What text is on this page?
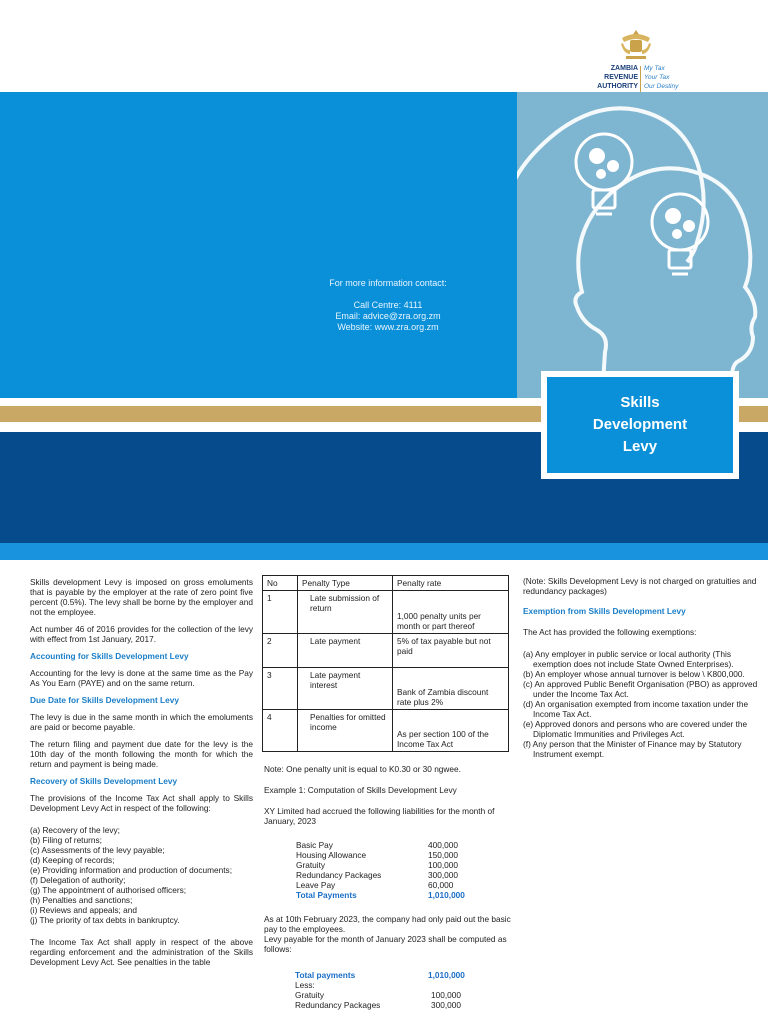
ZAMBIA
REVENUE
AUTHORITY
My Tax
Your Tax
Our Destiny
For more information contact:
Call Centre: 4111
Email: advice@zra.org.zm
Website: www.zra.org.zm
Skills
Development
Levy

Skills development Levy is imposed on gross emoluments that is payable by the employer at the rate of zero point five percent (0.5%). The levy shall be borne by the employer and not the employee.

Act number 46 of 2016 provides for the collection of the levy with effect from 1st January, 2017.

Accounting for Skills Development Levy

Accounting for the levy is done at the same time as the Pay As You Earn (PAYE) and on the same return.

Due Date for Skills Development Levy

The levy is due in the same month in which the emoluments are paid or become payable.

The return filing and payment due date for the levy is the 10th day of the month following the month for which the return and payment is being made.

Recovery of Skills Development Levy

The provisions of the Income Tax Act shall apply to Skills Development Levy Act in respect of the following:

(a) Recovery of the levy;
(b) Filing of returns;
(c) Assessments of the levy payable;
(d) Keeping of records;
(e) Providing information and production of documents;
(f) Delegation of authority;
(g) The appointment of authorised officers;
(h) Penalties and sanctions;
(i) Reviews and appeals; and
(j) The priority of tax debts in bankruptcy.

The Income Tax Act shall apply in respect of the above regarding enforcement and the administration of the Skills Development Levy Act. See penalties in the table

No	Penalty Type	Penalty rate
1	Late submission of return	1,000 penalty units per month or part thereof
2	Late payment	5% of tax payable but not paid
3	Late payment interest	Bank of Zambia discount rate plus 2%
4	Penalties for omitted income	As per section 100 of the Income Tax Act

Note: One penalty unit is equal to K0.30 or 30 ngwee.

Example 1: Computation of Skills Development Levy

XY Limited had accrued the following liabilities for the month of January, 2023

Basic Pay	400,000
Housing Allowance	150,000
Gratuity	100,000
Redundancy Packages	300,000
Leave Pay	60,000
Total Payments	1,010,000
As at 10th February 2023, the company had only paid out the basic pay to the employees.
Levy payable for the month of January 2023 shall be computed as follows:
Total payments	1,010,000
Less:
Gratuity	100,000
Redundancy Packages	300,000

(Note: Skills Development Levy is not charged on gratuities and redundancy packages)

Exemption from Skills Development Levy

The Act has provided the following exemptions:

(a) Any employer in public service or local authority (This exemption does not include State Owned Enterprises).
(b) An employer whose annual turnover is below \ K800,000.
(c) An approved Public Benefit Organisation (PBO) as approved under the Income Tax Act.
(d) An organisation exempted from income taxation under the Income Tax Act.
(e) Approved donors and persons who are covered under the Diplomatic Immunities and Privileges Act.
(f) Any person that the Minister of Finance may by Statutory Instrument exempt.
